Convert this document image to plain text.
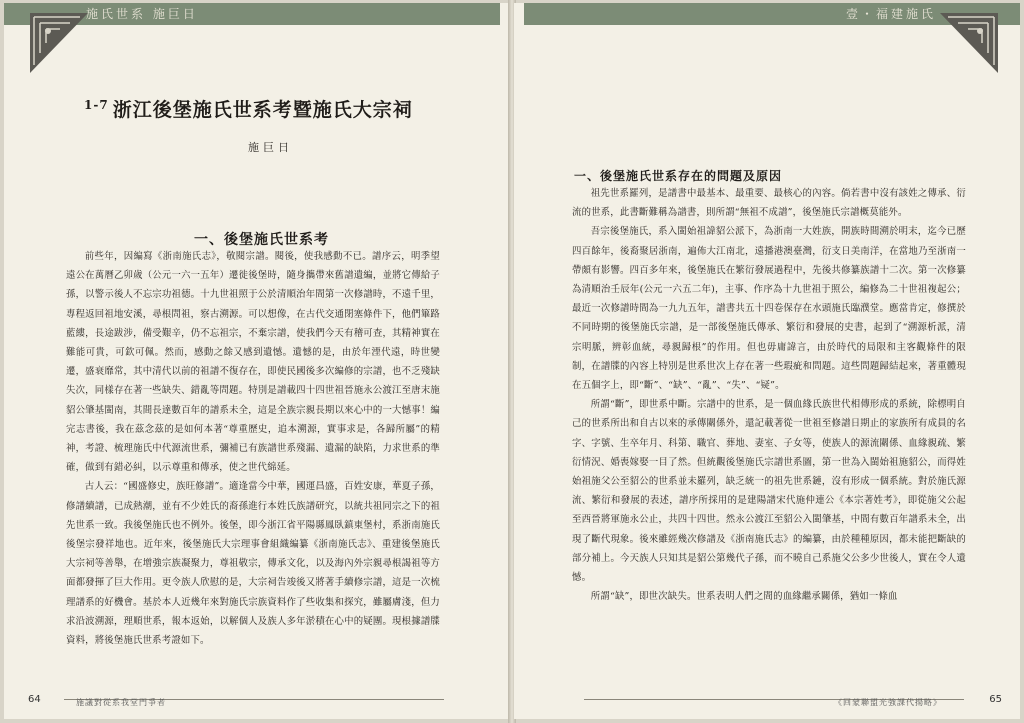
施氏世系 施巨日
$^{1-7}$ 浙江後堡施氏世系考暨施氏大宗祠
施巨日
一、後堡施氏世系考

前些年，因編寫《浙南施氏志》，敬閱宗譜。閱後，使我感動不已。譜序云，明季望遠公在萬曆乙卯歲（公元一六一五年）遷徙後堡時，隨身攜帶來舊譜遺編，並將它傳給子孫，以警示後人不忘宗功祖德。十九世祖照于公於清順治年間第一次修譜時，不遠千里，專程返回祖地安溪，尋根問祖，察古溯源。可以想像，在古代交通閉塞條件下，他們篳路藍縷，長途跋涉，備受艱辛，仍不忘祖宗，不棄宗譜，使我們今天有稽可查，其精神實在難能可貴，可欽可佩。然而，感動之餘又感到遺憾。遺憾的是，由於年湮代遠，時世變遷，盛衰靡常，其中清代以前的祖譜不復存在，即使民國後多次編修的宗譜，也不乏殘缺失次，同樣存在著一些缺失、錯亂等問題。特別是譜載四十四世祖晉施永公渡江至唐末施貂公肇基閩南，其間長達數百年的譜系未全，這是全族宗親長期以來心中的一大憾事！編完志書後，我在茲念茲的是如何本著“尊重歷史，追本溯源，實事求是，各歸所屬”的精神，考證、梳理施氏中代源流世系，彌補已有族譜世系殘漏、遺漏的缺陷，力求世系的準確，做到有錯必糾，以示尊重和傳承，使之世代綿延。

古人云：“國盛修史，族旺修譜”。適逢當今中華，國運昌盛，百姓安康，華夏子孫，修譜續譜，已成熱潮，並有不少姓氏的裔孫進行本姓氏族譜研究，以統共祖同宗之下的祖先世系一致。我後堡施氏也不例外。後堡，即今浙江省平陽縣鳳臥鎮東堡村，系浙南施氏後堡宗發祥地也。近年來，後堡施氏大宗理事會組織編纂《浙南施氏志》、重建後堡施氏大宗祠等善舉，在增強宗族凝聚力，尊祖敬宗，傳承文化，以及海內外宗親尋根謁祖等方面都發揮了巨大作用。更令族人欣慰的是，大宗祠告竣後又將著手續修宗譜，這是一次梳理譜系的好機會。基於本人近幾年來對施氏宗族資料作了些收集和探究，雖屬膚淺，但力求沿波溯源，理順世系，報本返始，以解個人及族人多年淤積在心中的疑團。現根據譜牒資料，將後堡施氏世系考證如下。

64	施議對從系我堂門爭者
壹・福建施氏
一、後堡施氏世系存在的問題及原因

祖先世系羅列，是譜書中最基本、最重要、最核心的內容。倘若書中沒有該姓之傳承、衍流的世系，此書斷難稱為譜書，則所謂“無祖不成譜”，後堡施氏宗譜概莫能外。

吾宗後堡施氏，系入閩始祖諱貂公派下，為浙南一大姓族，開族時間溯於明末，迄今已歷四百餘年，後裔聚居浙南，遍佈大江南北，遠播港澳臺灣，衍支日美南洋，在當地乃至浙南一帶頗有影響。四百多年來，後堡施氏在繁衍發展過程中，先後共修纂族譜十二次。第一次修纂為清順治壬辰年(公元一六五二年)，主事、作序為十九世祖于照公，編修為二十世祖複起公；最近一次修譜時間為一九九五年，譜書共五十四卷保存在水頭施氏臨濮堂。應當肯定，修撰於不同時期的後堡施氏宗譜，是一部後堡施氏傳承、繁衍和發展的史書，起到了“溯源析派，清宗明脈，辨彰血統，尋親歸根”的作用。但也毋庸諱言，由於時代的局限和主客觀條件的限制，在譜牒的內容上特別是世系世次上存在著一些瑕疵和問題。這些問題歸結起來，著重體現在五個字上，即“斷”、“缺”、“亂”、“失”、“疑”。

所謂“斷”，即世系中斷。宗譜中的世系，是一個血緣氏族世代相傳形成的系統，除標明自己的世系所出和自古以來的承傳關係外，還記載著從一世祖至修譜日期止的家族所有成員的名字、字號、生卒年月、科第、職官、葬地、妻室、子女等，使族人的源流關係、血緣親疏、繁衍情況、婚喪嫁娶一目了然。但統觀後堡施氏宗譜世系圖，第一世為入閩始祖施貂公，而得姓始祖施父公至貂公的世系並未羅列，缺乏統一的祖先世系鏈，沒有形成一個系統。對於施氏源流、繁衍和發展的表述，譜序所採用的是建陽譜宋代施仲連公《本宗著姓考》，即從施父公起至西晉將軍施永公止，共四十四世。然永公渡江至貂公入閩肇基，中間有數百年譜系未全，出現了斷代現象。後來雖經幾次修譜及《浙南施氏志》的編纂，由於種種原因，都未能把斷缺的部分補上。今天族人只知其是貂公第幾代子孫，而不曉自己系施父公多少世後人，實在令人遺憾。

所謂“缺”，即世次缺失。世系表明人們之間的血緣繼承關係，猶如一條血

《回蒙聯盟光強課代揚略》	65
